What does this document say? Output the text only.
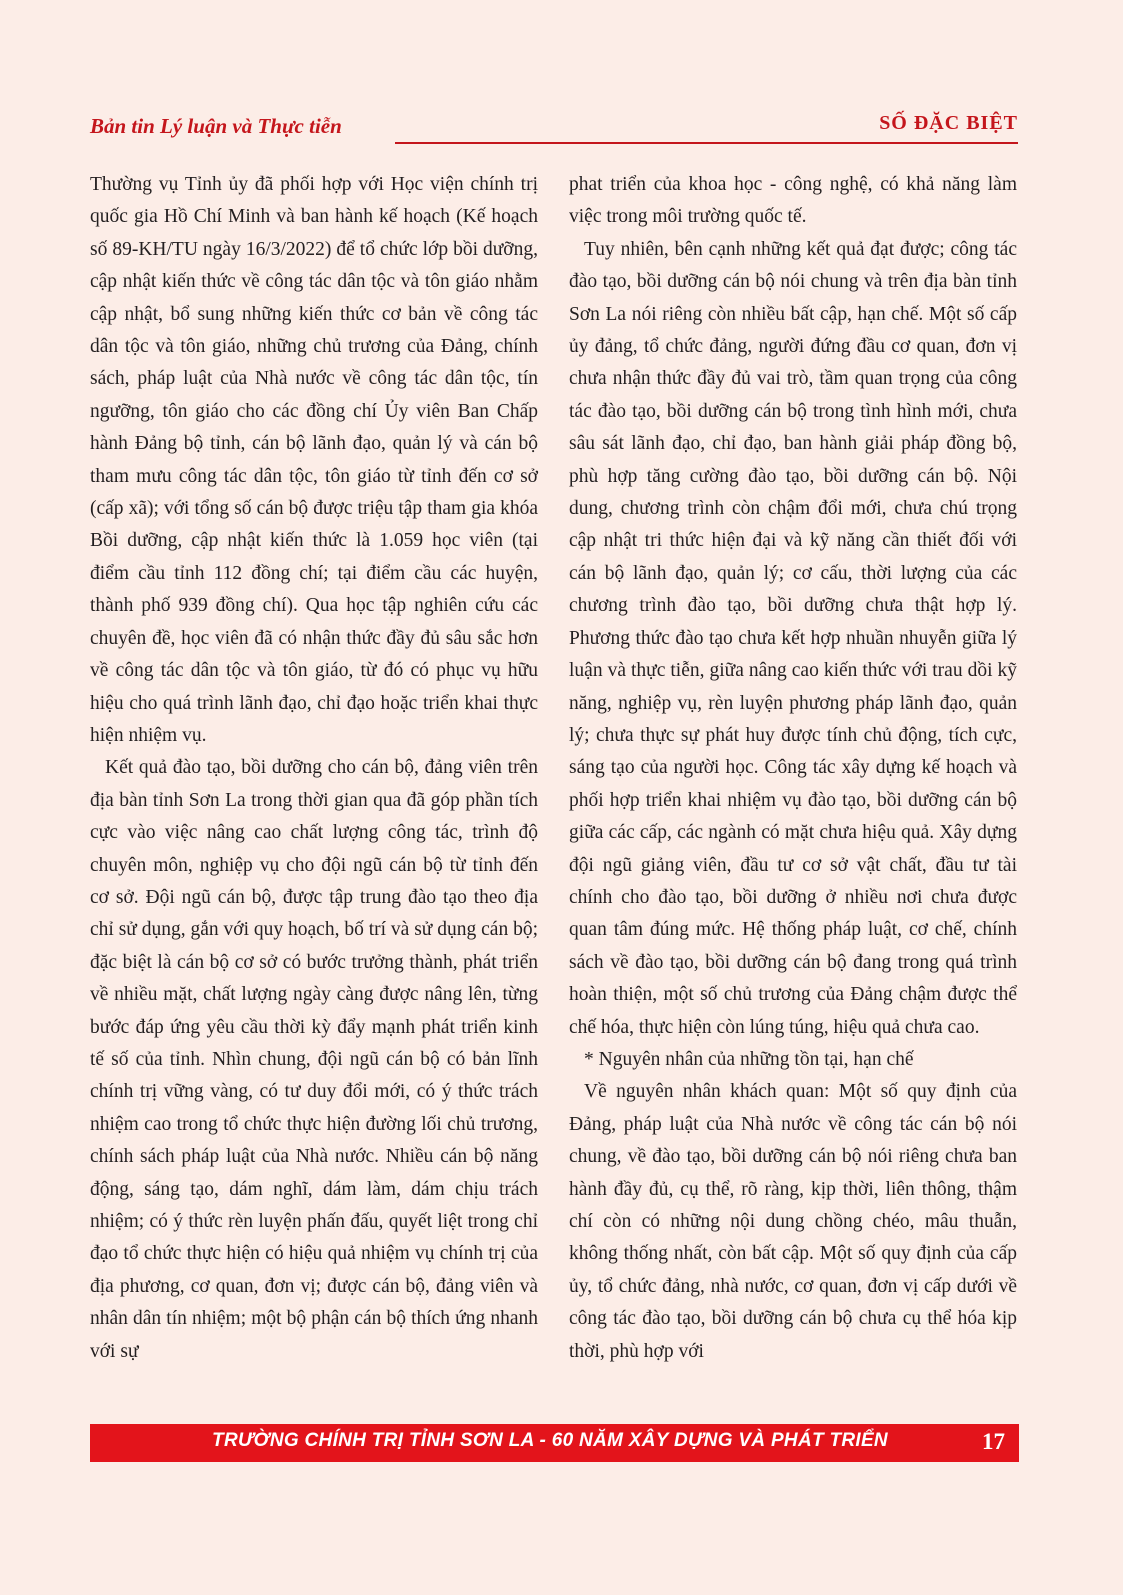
Bản tin Lý luận và Thực tiễn	SỐ ĐẶC BIỆT

Thường vụ Tỉnh ủy đã phối hợp với Học viện chính trị quốc gia Hồ Chí Minh và ban hành kế hoạch (Kế hoạch số 89-KH/TU ngày 16/3/2022) để tổ chức lớp bồi dưỡng, cập nhật kiến thức về công tác dân tộc và tôn giáo nhằm cập nhật, bổ sung những kiến thức cơ bản về công tác dân tộc và tôn giáo, những chủ trương của Đảng, chính sách, pháp luật của Nhà nước về công tác dân tộc, tín ngưỡng, tôn giáo cho các đồng chí Ủy viên Ban Chấp hành Đảng bộ tỉnh, cán bộ lãnh đạo, quản lý và cán bộ tham mưu công tác dân tộc, tôn giáo từ tỉnh đến cơ sở (cấp xã); với tổng số cán bộ được triệu tập tham gia khóa Bồi dưỡng, cập nhật kiến thức là 1.059 học viên (tại điểm cầu tỉnh 112 đồng chí; tại điểm cầu các huyện, thành phố 939 đồng chí). Qua học tập nghiên cứu các chuyên đề, học viên đã có nhận thức đầy đủ sâu sắc hơn về công tác dân tộc và tôn giáo, từ đó có phục vụ hữu hiệu cho quá trình lãnh đạo, chỉ đạo hoặc triển khai thực hiện nhiệm vụ.

Kết quả đào tạo, bồi dưỡng cho cán bộ, đảng viên trên địa bàn tỉnh Sơn La trong thời gian qua đã góp phần tích cực vào việc nâng cao chất lượng công tác, trình độ chuyên môn, nghiệp vụ cho đội ngũ cán bộ từ tỉnh đến cơ sở. Đội ngũ cán bộ, được tập trung đào tạo theo địa chỉ sử dụng, gắn với quy hoạch, bố trí và sử dụng cán bộ; đặc biệt là cán bộ cơ sở có bước trưởng thành, phát triển về nhiều mặt, chất lượng ngày càng được nâng lên, từng bước đáp ứng yêu cầu thời kỳ đẩy mạnh phát triển kinh tế số của tỉnh. Nhìn chung, đội ngũ cán bộ có bản lĩnh chính trị vững vàng, có tư duy đổi mới, có ý thức trách nhiệm cao trong tổ chức thực hiện đường lối chủ trương, chính sách pháp luật của Nhà nước. Nhiều cán bộ năng động, sáng tạo, dám nghĩ, dám làm, dám chịu trách nhiệm; có ý thức rèn luyện phấn đấu, quyết liệt trong chỉ đạo tổ chức thực hiện có hiệu quả nhiệm vụ chính trị của địa phương, cơ quan, đơn vị; được cán bộ, đảng viên và nhân dân tín nhiệm; một bộ phận cán bộ thích ứng nhanh với sự

phat triển của khoa học - công nghệ, có khả năng làm việc trong môi trường quốc tế.

Tuy nhiên, bên cạnh những kết quả đạt được; công tác đào tạo, bồi dưỡng cán bộ nói chung và trên địa bàn tỉnh Sơn La nói riêng còn nhiều bất cập, hạn chế. Một số cấp ủy đảng, tổ chức đảng, người đứng đầu cơ quan, đơn vị chưa nhận thức đầy đủ vai trò, tầm quan trọng của công tác đào tạo, bồi dưỡng cán bộ trong tình hình mới, chưa sâu sát lãnh đạo, chỉ đạo, ban hành giải pháp đồng bộ, phù hợp tăng cường đào tạo, bồi dưỡng cán bộ. Nội dung, chương trình còn chậm đổi mới, chưa chú trọng cập nhật tri thức hiện đại và kỹ năng cần thiết đối với cán bộ lãnh đạo, quản lý; cơ cấu, thời lượng của các chương trình đào tạo, bồi dưỡng chưa thật hợp lý. Phương thức đào tạo chưa kết hợp nhuần nhuyễn giữa lý luận và thực tiễn, giữa nâng cao kiến thức với trau dồi kỹ năng, nghiệp vụ, rèn luyện phương pháp lãnh đạo, quản lý; chưa thực sự phát huy được tính chủ động, tích cực, sáng tạo của người học. Công tác xây dựng kế hoạch và phối hợp triển khai nhiệm vụ đào tạo, bồi dưỡng cán bộ giữa các cấp, các ngành có mặt chưa hiệu quả. Xây dựng đội ngũ giảng viên, đầu tư cơ sở vật chất, đầu tư tài chính cho đào tạo, bồi dưỡng ở nhiều nơi chưa được quan tâm đúng mức. Hệ thống pháp luật, cơ chế, chính sách về đào tạo, bồi dưỡng cán bộ đang trong quá trình hoàn thiện, một số chủ trương của Đảng chậm được thể chế hóa, thực hiện còn lúng túng, hiệu quả chưa cao.

* Nguyên nhân của những tồn tại, hạn chế

Về nguyên nhân khách quan: Một số quy định của Đảng, pháp luật của Nhà nước về công tác cán bộ nói chung, về đào tạo, bồi dưỡng cán bộ nói riêng chưa ban hành đầy đủ, cụ thể, rõ ràng, kịp thời, liên thông, thậm chí còn có những nội dung chồng chéo, mâu thuẫn, không thống nhất, còn bất cập. Một số quy định của cấp ủy, tổ chức đảng, nhà nước, cơ quan, đơn vị cấp dưới về công tác đào tạo, bồi dưỡng cán bộ chưa cụ thể hóa kịp thời, phù hợp với

TRƯỜNG CHÍNH TRỊ TỈNH SƠN LA - 60 NĂM XÂY DỰNG VÀ PHÁT TRIỂN	17
